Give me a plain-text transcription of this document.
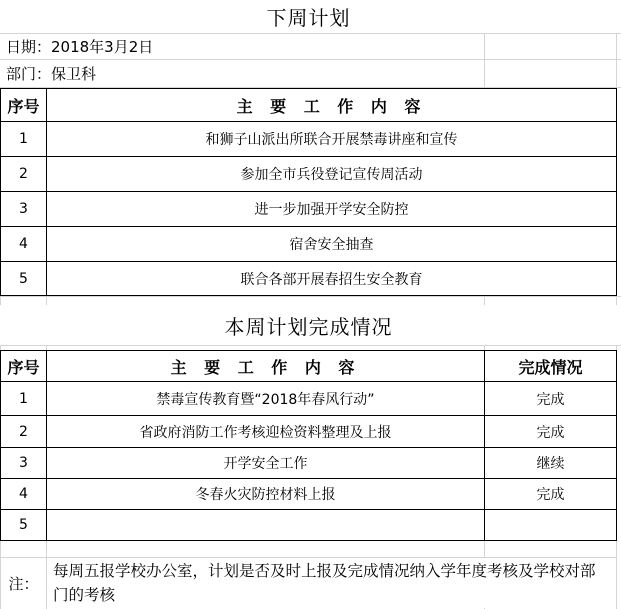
下周计划
日期：2018年3月2日
部门：保卫科
序号	主 要 工 作 内 容
1	和狮子山派出所联合开展禁毒讲座和宣传
2	参加全市兵役登记宣传周活动
3	进一步加强开学安全防控
4	宿舍安全抽查
5	联合各部开展春招生安全教育
本周计划完成情况
序号	主 要 工 作 内 容	完成情况
1	禁毒宣传教育暨“2018年春风行动”	完成
2	省政府消防工作考核迎检资料整理及上报	完成
3	开学安全工作	继续
4	冬春火灾防控材料上报	完成
5
注：
每周五报学校办公室，计划是否及时上报及完成情况纳入学年度考核及学校对部门的考核
